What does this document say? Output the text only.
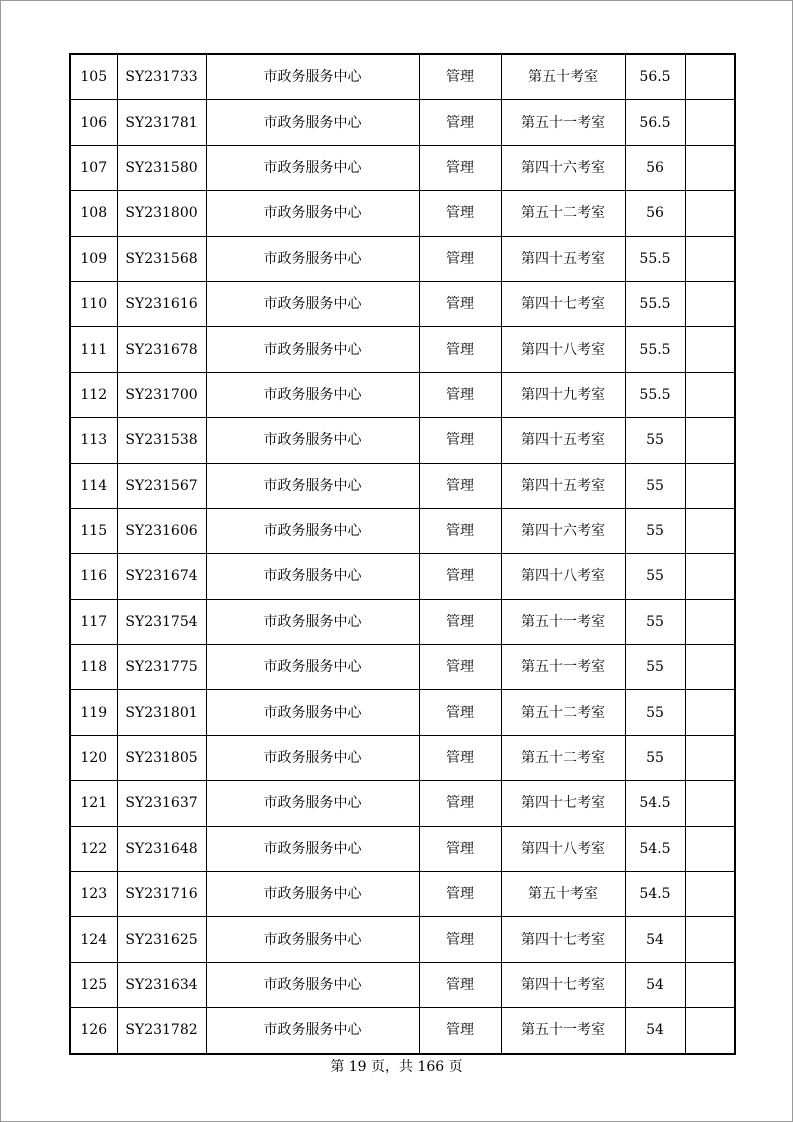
105	SY231733	市政务服务中心	管理	第五十考室	56.5	
106	SY231781	市政务服务中心	管理	第五十一考室	56.5	
107	SY231580	市政务服务中心	管理	第四十六考室	56	
108	SY231800	市政务服务中心	管理	第五十二考室	56	
109	SY231568	市政务服务中心	管理	第四十五考室	55.5	
110	SY231616	市政务服务中心	管理	第四十七考室	55.5	
111	SY231678	市政务服务中心	管理	第四十八考室	55.5	
112	SY231700	市政务服务中心	管理	第四十九考室	55.5	
113	SY231538	市政务服务中心	管理	第四十五考室	55	
114	SY231567	市政务服务中心	管理	第四十五考室	55	
115	SY231606	市政务服务中心	管理	第四十六考室	55	
116	SY231674	市政务服务中心	管理	第四十八考室	55	
117	SY231754	市政务服务中心	管理	第五十一考室	55	
118	SY231775	市政务服务中心	管理	第五十一考室	55	
119	SY231801	市政务服务中心	管理	第五十二考室	55	
120	SY231805	市政务服务中心	管理	第五十二考室	55	
121	SY231637	市政务服务中心	管理	第四十七考室	54.5	
122	SY231648	市政务服务中心	管理	第四十八考室	54.5	
123	SY231716	市政务服务中心	管理	第五十考室	54.5	
124	SY231625	市政务服务中心	管理	第四十七考室	54	
125	SY231634	市政务服务中心	管理	第四十七考室	54	
126	SY231782	市政务服务中心	管理	第五十一考室	54	
第 19 页，共 166 页
